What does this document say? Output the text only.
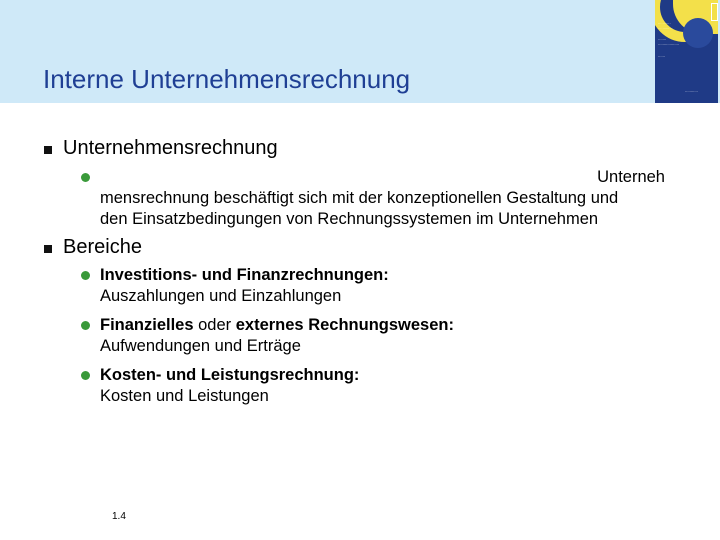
Interne Unternehmensrechnung
··· ·······
··· ·········
·······
··················
······
···········
Unternehmensrechnung
Unterneh
mensrechnung beschäftigt sich mit der konzeptionellen Gestaltung und
den Einsatzbedingungen von Rechnungssystemen im Unternehmen
Bereiche
Investitions- und Finanzrechnungen:
Auszahlungen und Einzahlungen
Finanzielles oder externes Rechnungswesen:
Aufwendungen und Erträge
Kosten- und Leistungsrechnung:
Kosten und Leistungen
1.4
